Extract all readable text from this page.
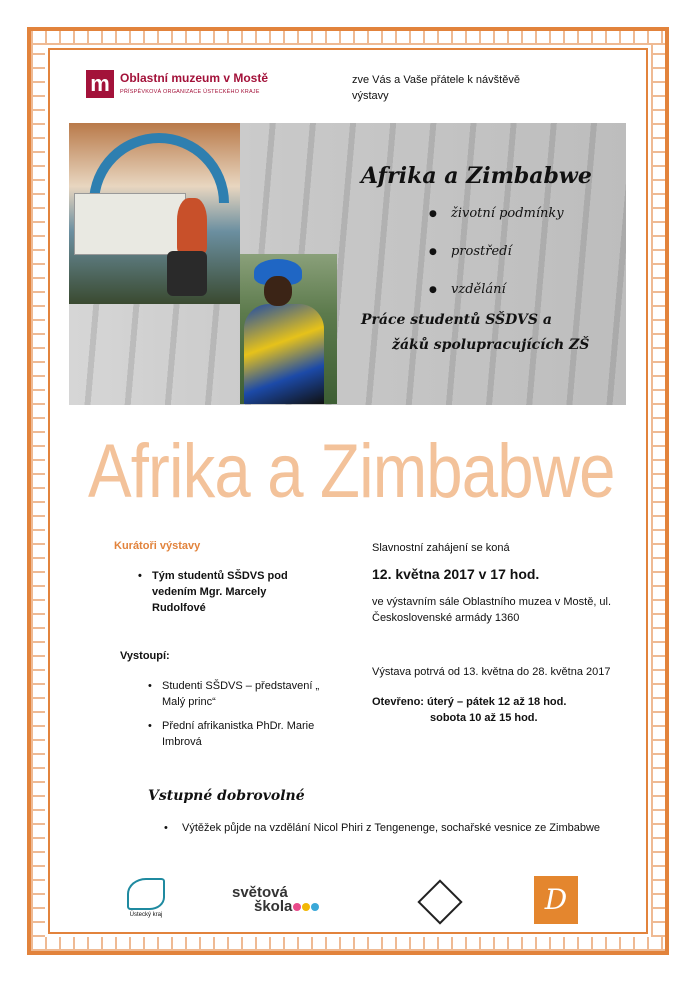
m Oblastní muzeum v Mostě
PŘÍSPĚVKOVÁ ORGANIZACE ÚSTECKÉHO KRAJE
zve Vás a Vaše přátele k návštěvě
výstavy
Afrika a Zimbabwe
● životní podmínky
● prostředí
● vzdělání
Práce studentů SŠDVS a
žáků spolupracujících ZŠ
Afrika a Zimbabwe
Kurátoři výstavy
• Tým studentů SŠDVS pod vedením Mgr. Marcely Rudolfové
Vystoupí:
• Studenti SŠDVS – představení „ Malý princ“
• Přední afrikanistka PhDr. Marie Imbrová
Slavnostní zahájení se koná
12. května 2017 v 17 hod.
ve výstavním sále Oblastního muzea v Mostě, ul. Československé armády 1360
Výstava potrvá od 13. května do 28. května 2017
Otevřeno: úterý – pátek 12 až 18 hod.
sobota 10 až 15 hod.
Vstupné dobrovolné
• Výtěžek půjde na vzdělání Nicol Phiri z Tengenenge, sochařské vesnice ze Zimbabwe
Ústecký kraj
světová
škola	D
